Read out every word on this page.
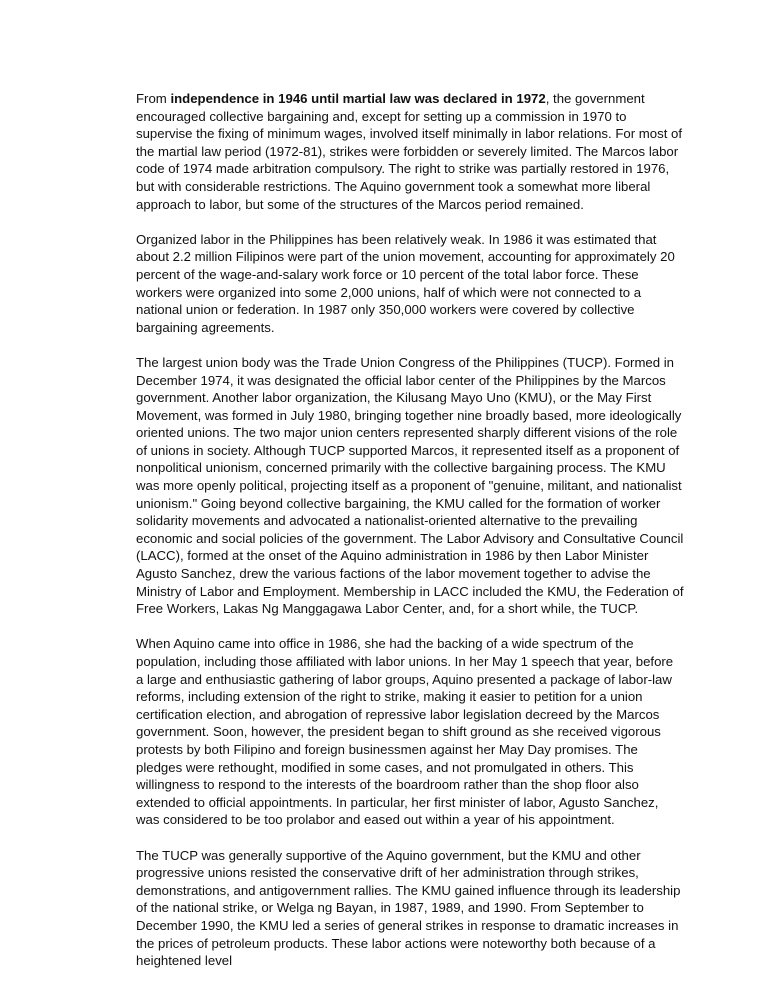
From independence in 1946 until martial law was declared in 1972, the government encouraged collective bargaining and, except for setting up a commission in 1970 to supervise the fixing of minimum wages, involved itself minimally in labor relations. For most of the martial law period (1972-81), strikes were forbidden or severely limited. The Marcos labor code of 1974 made arbitration compulsory. The right to strike was partially restored in 1976, but with considerable restrictions. The Aquino government took a somewhat more liberal approach to labor, but some of the structures of the Marcos period remained.

Organized labor in the Philippines has been relatively weak. In 1986 it was estimated that about 2.2 million Filipinos were part of the union movement, accounting for approximately 20 percent of the wage-and-salary work force or 10 percent of the total labor force. These workers were organized into some 2,000 unions, half of which were not connected to a national union or federation. In 1987 only 350,000 workers were covered by collective bargaining agreements.

The largest union body was the Trade Union Congress of the Philippines (TUCP). Formed in December 1974, it was designated the official labor center of the Philippines by the Marcos government. Another labor organization, the Kilusang Mayo Uno (KMU), or the May First Movement, was formed in July 1980, bringing together nine broadly based, more ideologically oriented unions. The two major union centers represented sharply different visions of the role of unions in society. Although TUCP supported Marcos, it represented itself as a proponent of nonpolitical unionism, concerned primarily with the collective bargaining process. The KMU was more openly political, projecting itself as a proponent of "genuine, militant, and nationalist unionism." Going beyond collective bargaining, the KMU called for the formation of worker solidarity movements and advocated a nationalist-oriented alternative to the prevailing economic and social policies of the government. The Labor Advisory and Consultative Council (LACC), formed at the onset of the Aquino administration in 1986 by then Labor Minister Agusto Sanchez, drew the various factions of the labor movement together to advise the Ministry of Labor and Employment. Membership in LACC included the KMU, the Federation of Free Workers, Lakas Ng Manggagawa Labor Center, and, for a short while, the TUCP.

When Aquino came into office in 1986, she had the backing of a wide spectrum of the population, including those affiliated with labor unions. In her May 1 speech that year, before a large and enthusiastic gathering of labor groups, Aquino presented a package of labor-law reforms, including extension of the right to strike, making it easier to petition for a union certification election, and abrogation of repressive labor legislation decreed by the Marcos government. Soon, however, the president began to shift ground as she received vigorous protests by both Filipino and foreign businessmen against her May Day promises. The pledges were rethought, modified in some cases, and not promulgated in others. This willingness to respond to the interests of the boardroom rather than the shop floor also extended to official appointments. In particular, her first minister of labor, Agusto Sanchez, was considered to be too prolabor and eased out within a year of his appointment.

The TUCP was generally supportive of the Aquino government, but the KMU and other progressive unions resisted the conservative drift of her administration through strikes, demonstrations, and antigovernment rallies. The KMU gained influence through its leadership of the national strike, or Welga ng Bayan, in 1987, 1989, and 1990. From September to December 1990, the KMU led a series of general strikes in response to dramatic increases in the prices of petroleum products. These labor actions were noteworthy both because of a heightened level
